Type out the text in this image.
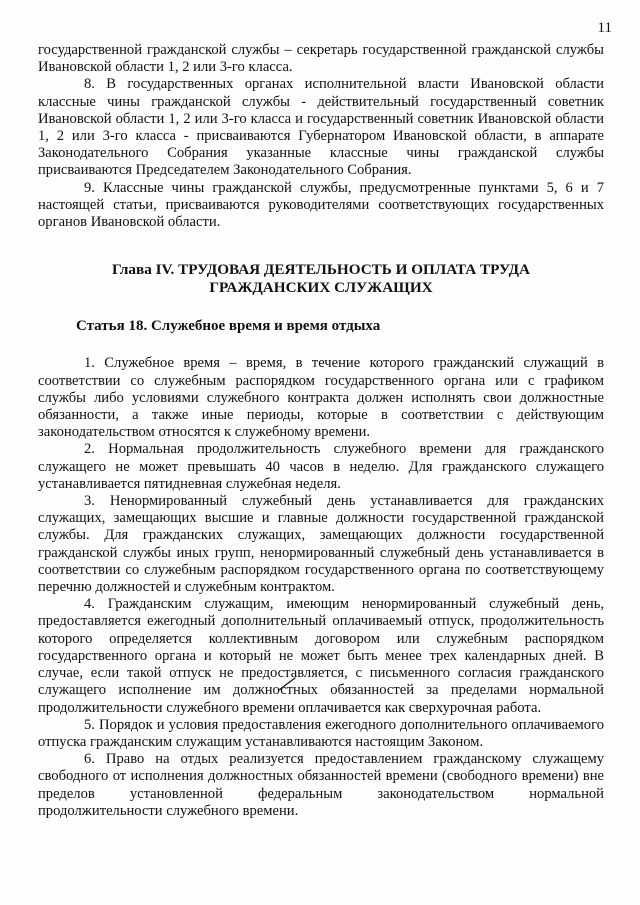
11

государственной гражданской службы – секретарь государственной гражданской службы Ивановской области 1, 2 или 3-го класса.

8. В государственных органах исполнительной власти Ивановской области классные чины гражданской службы - действительный государственный советник Ивановской области 1, 2 или 3-го класса и государственный советник Ивановской области 1, 2 или 3-го класса - присваиваются Губернатором Ивановской области, в аппарате Законодательного Собрания указанные классные чины гражданской службы присваиваются Председателем Законодательного Собрания.

9. Классные чины гражданской службы, предусмотренные пунктами 5, 6 и 7 настоящей статьи, присваиваются руководителями соответствующих государственных органов Ивановской области.

Глава IV. ТРУДОВАЯ ДЕЯТЕЛЬНОСТЬ И ОПЛАТА ТРУДА
ГРАЖДАНСКИХ СЛУЖАЩИХ
Статья 18. Служебное время и время отдыха

1. Служебное время – время, в течение которого гражданский служащий в соответствии со служебным распорядком государственного органа или с графиком службы либо условиями служебного контракта должен исполнять свои должностные обязанности, а также иные периоды, которые в соответствии с действующим законодательством относятся к служебному времени.

2. Нормальная продолжительность служебного времени для гражданского служащего не может превышать 40 часов в неделю. Для гражданского служащего устанавливается пятидневная служебная неделя.

3. Ненормированный служебный день устанавливается для гражданских служащих, замещающих высшие и главные должности государственной гражданской службы. Для гражданских служащих, замещающих должности государственной гражданской службы иных групп, ненормированный служебный день устанавливается в соответствии со служебным распорядком государственного органа по соответствующему перечню должностей и служебным контрактом.

4. Гражданским служащим, имеющим ненормированный служебный день, предоставляется ежегодный дополнительный оплачиваемый отпуск, продолжительность которого определяется коллективным договором или служебным распорядком государственного органа и который не может быть менее трех календарных дней. В случае, если такой отпуск не предоставляется, с письменного согласия гражданского служащего исполнение им должностных обязанностей за пределами нормальной продолжительности служебного времени оплачивается как сверхурочная работа.

5. Порядок и условия предоставления ежегодного дополнительного оплачиваемого отпуска гражданским служащим устанавливаются настоящим Законом.

6. Право на отдых реализуется предоставлением гражданскому служащему свободного от исполнения должностных обязанностей времени (свободного времени) вне пределов установленной федеральным законодательством нормальной продолжительности служебного времени.
